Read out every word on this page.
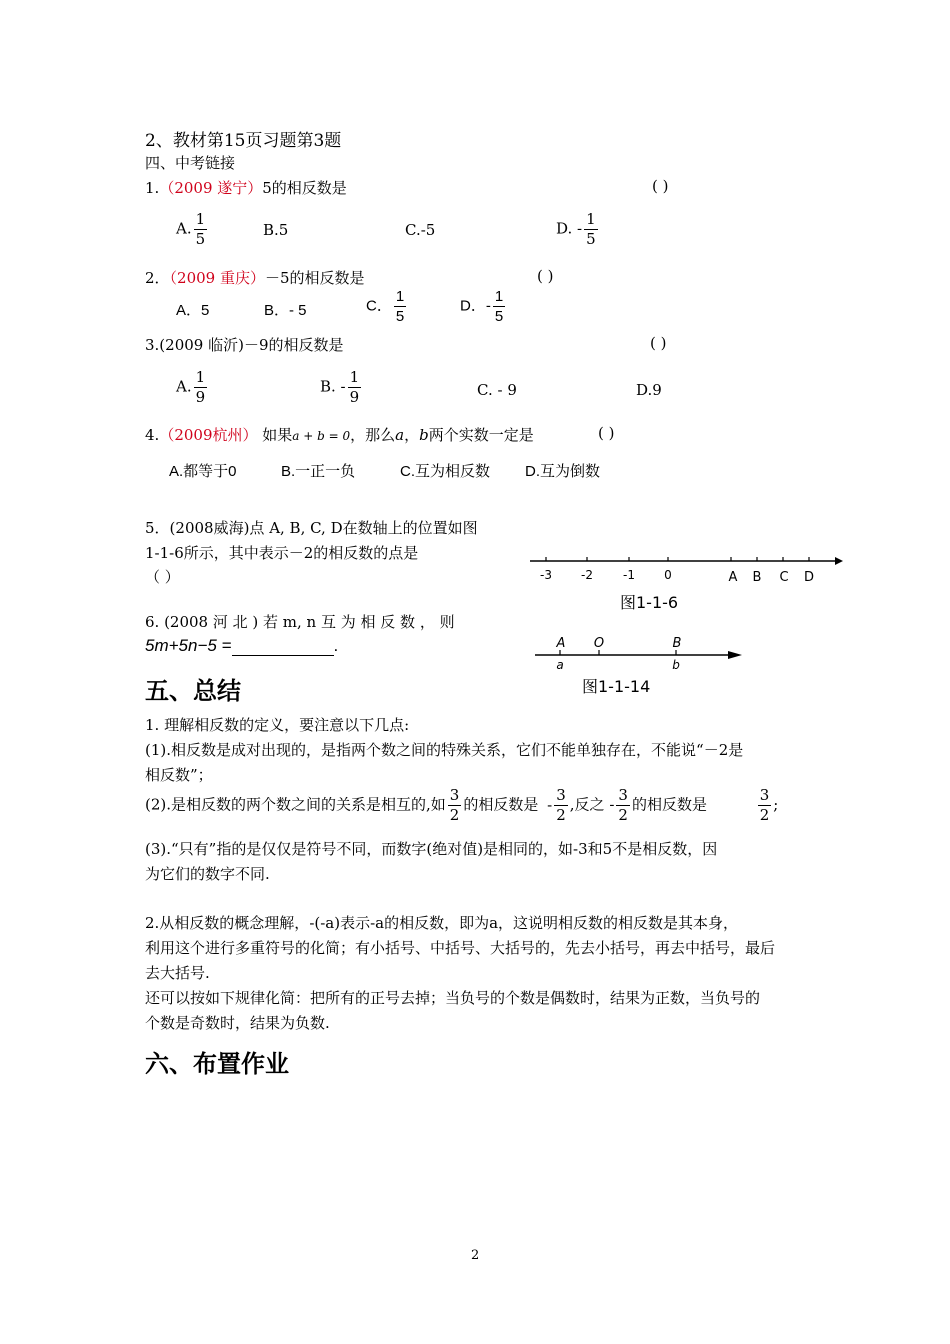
2、教材第15页习题第3题
四、中考链接
1.（2009 遂宁）5的相反数是	( )
A. $\frac{1}{5}$	B.5	C.-5	D. - $\frac{1}{5}$
2．（2009 重庆）－5的相反数是	( )
A．5	B．- 5	C． $\frac{1}{5}$	D．- $\frac{1}{5}$
3.(2009 临沂)－9的相反数是	( )
A. $\frac{1}{9}$	B. - $\frac{1}{9}$	C. - 9	D.9
4.（2009杭州） 如果a + b = 0，那么a，b两个实数一定是	( )
A.都等于0	B.一正一负	C.互为相反数 D.互为倒数
5．(2008威海)点 A, B, C, D在数轴上的位置如图
1-1-6所示，其中表示－2的相反数的点是
（ ）	-3 -2	-1 0	A B C D
图1-1-6
6. (2008 河 北 ) 若 m, n 互 为 相 反 数 ， 则
5m+5n−5 =	.	A O	B
a	b
图1-1-14
五、总结
1. 理解相反数的定义，要注意以下几点:
(1).相反数是成对出现的，是指两个数之间的特殊关系，它们不能单独存在，不能说“－2是
相反数”；
(2).是相反数的两个数之间的关系是相互的,如 $\frac{3}{2}$ 的相反数是 - $\frac{3}{2}$ ,反之 - $\frac{3}{2}$ 的相反数是	$\frac{3}{2}$ ;
(3).“只有”指的是仅仅是符号不同，而数字(绝对值)是相同的，如-3和5不是相反数，因
为它们的数字不同.
2.从相反数的概念理解，-(-a)表示-a的相反数，即为a，这说明相反数的相反数是其本身，
利用这个进行多重符号的化简；有小括号、中括号、大括号的，先去小括号，再去中括号，最后
去大括号.
还可以按如下规律化简：把所有的正号去掉；当负号的个数是偶数时，结果为正数，当负号的
个数是奇数时，结果为负数.
六、布置作业
2
